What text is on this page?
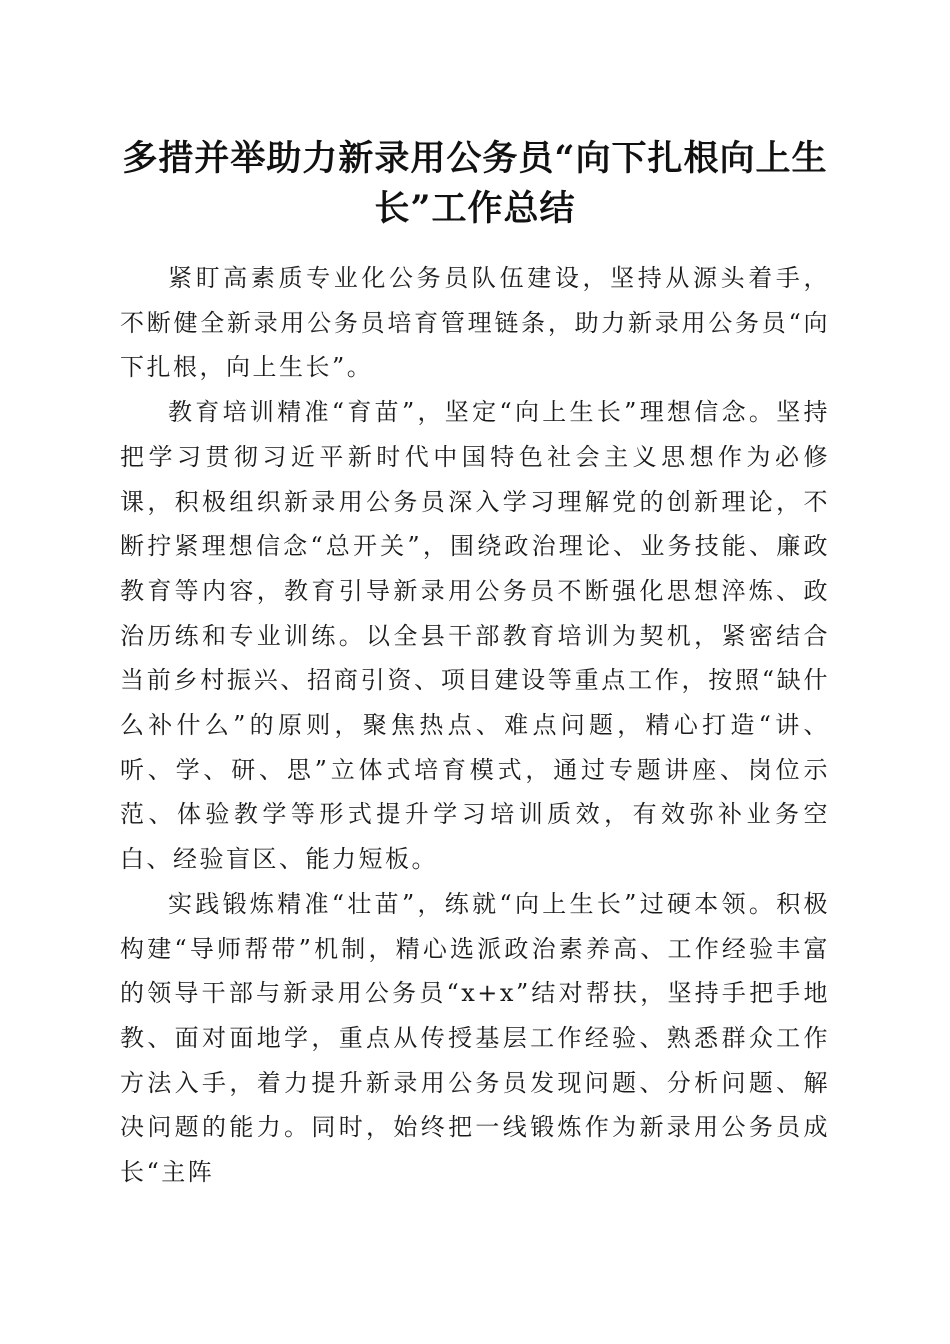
多措并举助力新录用公务员“向下扎根向上生
长”工作总结

紧盯高素质专业化公务员队伍建设，坚持从源头着手，不断健全新录用公务员培育管理链条，助力新录用公务员“向下扎根，向上生长”。

教育培训精准“育苗”，坚定“向上生长”理想信念。坚持把学习贯彻习近平新时代中国特色社会主义思想作为必修课，积极组织新录用公务员深入学习理解党的创新理论，不断拧紧理想信念“总开关”，围绕政治理论、业务技能、廉政教育等内容，教育引导新录用公务员不断强化思想淬炼、政治历练和专业训练。以全县干部教育培训为契机，紧密结合当前乡村振兴、招商引资、项目建设等重点工作，按照“缺什么补什么”的原则，聚焦热点、难点问题，精心打造“讲、听、学、研、思”立体式培育模式，通过专题讲座、岗位示范、体验教学等形式提升学习培训质效，有效弥补业务空白、经验盲区、能力短板。

实践锻炼精准“壮苗”，练就“向上生长”过硬本领。积极构建“导师帮带”机制，精心选派政治素养高、工作经验丰富的领导干部与新录用公务员“x+x”结对帮扶，坚持手把手地教、面对面地学，重点从传授基层工作经验、熟悉群众工作方法入手，着力提升新录用公务员发现问题、分析问题、解决问题的能力。同时，始终把一线锻炼作为新录用公务员成长“主阵
